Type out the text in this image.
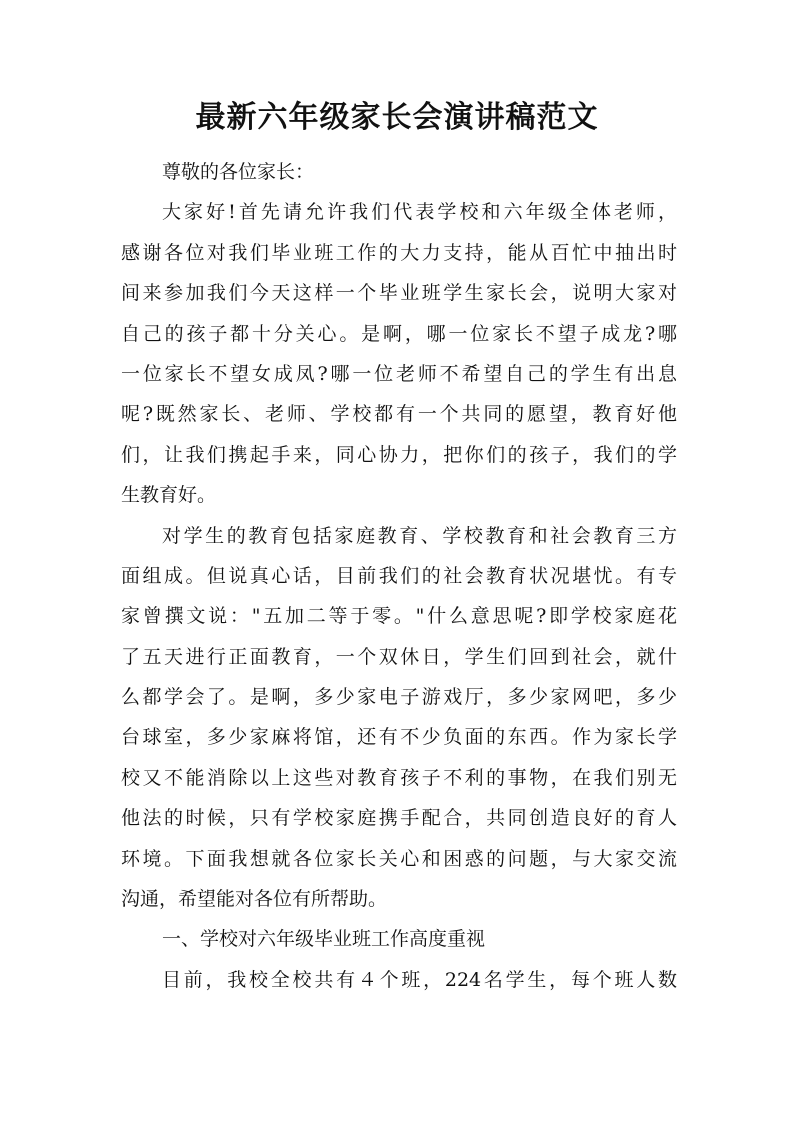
最新六年级家长会演讲稿范文
尊敬的各位家长：
大家好!首先请允许我们代表学校和六年级全体老师，
感谢各位对我们毕业班工作的大力支持，能从百忙中抽出时
间来参加我们今天这样一个毕业班学生家长会，说明大家对
自己的孩子都十分关心。是啊，哪一位家长不望子成龙?哪
一位家长不望女成凤?哪一位老师不希望自己的学生有出息
呢?既然家长、老师、学校都有一个共同的愿望，教育好他
们，让我们携起手来，同心协力，把你们的孩子，我们的学
生教育好。
对学生的教育包括家庭教育、学校教育和社会教育三方
面组成。但说真心话，目前我们的社会教育状况堪忧。有专
家曾撰文说："五加二等于零。"什么意思呢?即学校家庭花
了五天进行正面教育，一个双休日，学生们回到社会，就什
么都学会了。是啊，多少家电子游戏厅，多少家网吧，多少
台球室，多少家麻将馆，还有不少负面的东西。作为家长学
校又不能消除以上这些对教育孩子不利的事物，在我们别无
他法的时候，只有学校家庭携手配合，共同创造良好的育人
环境。下面我想就各位家长关心和困惑的问题，与大家交流
沟通，希望能对各位有所帮助。
一、学校对六年级毕业班工作高度重视
目前，我校全校共有４个班，224名学生，每个班人数
